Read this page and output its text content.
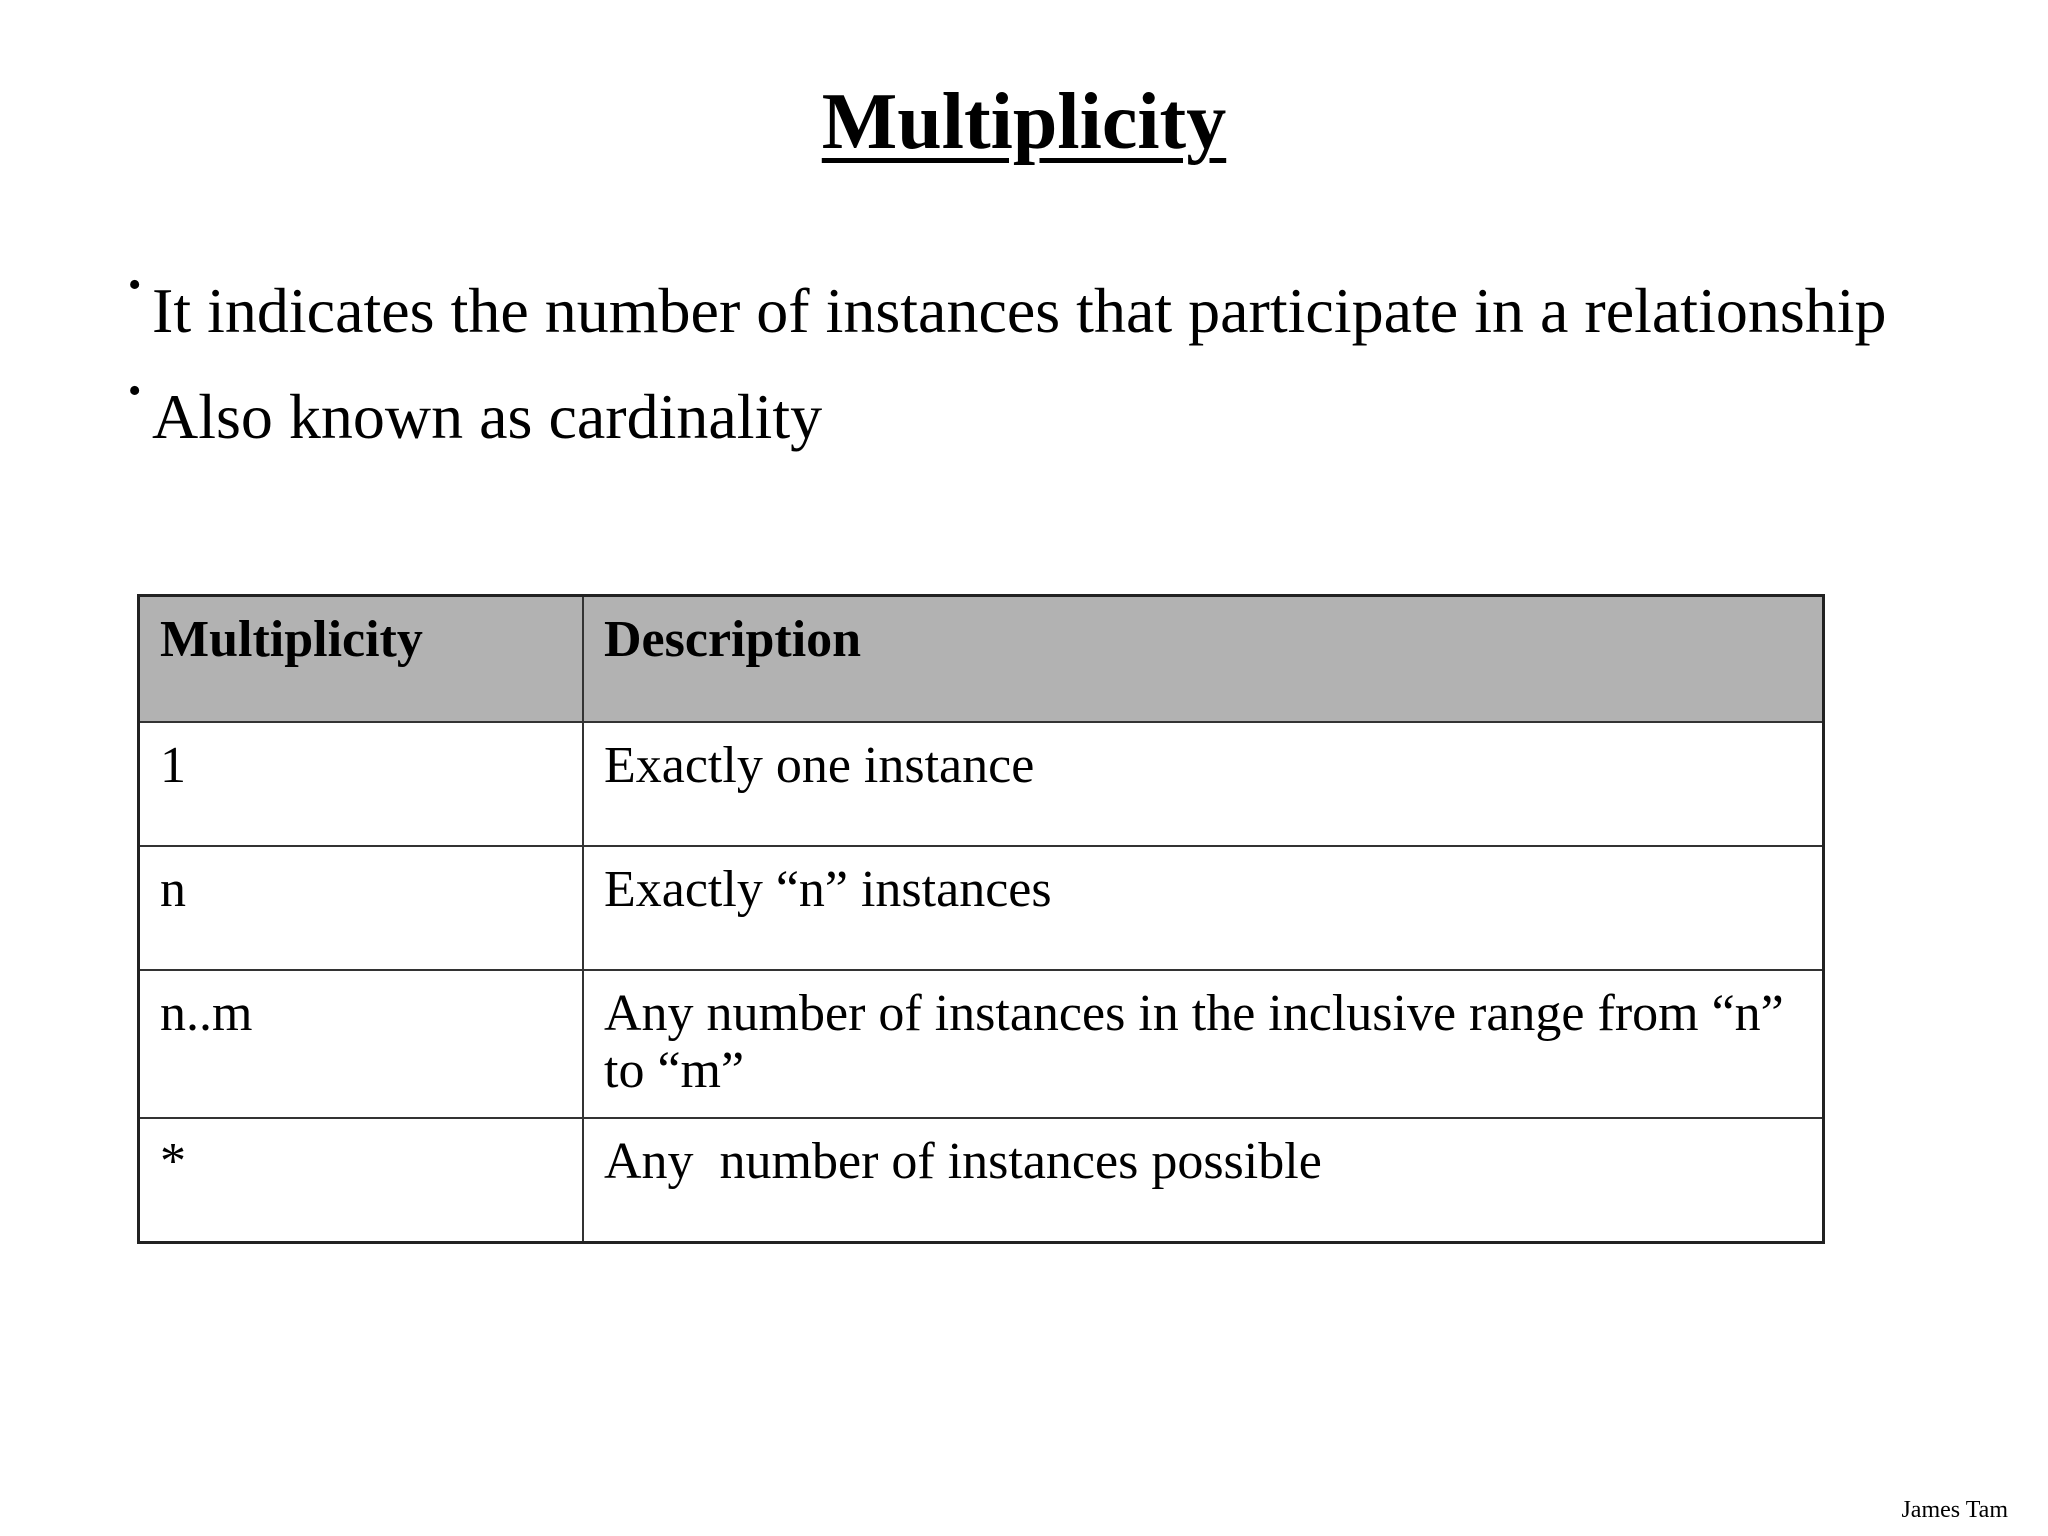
Multiplicity
• It indicates the number of instances that participate in a relationship
• Also known as cardinality
Multiplicity	Description
1	Exactly one instance
n	Exactly “n” instances
n..m	Any number of instances in the inclusive range from “n” to “m”
*	Any  number of instances possible
James Tam
